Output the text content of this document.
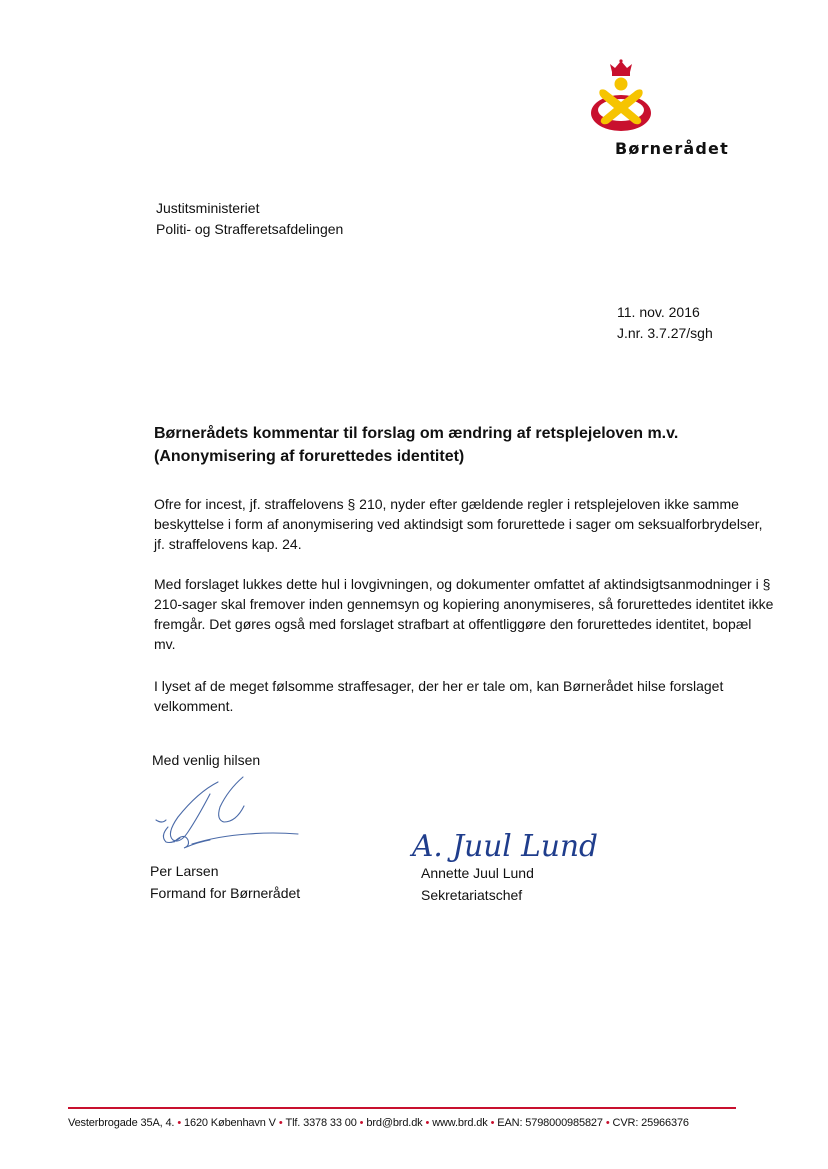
Børnerådet
Justitsministeriet
Politi- og Strafferetsafdelingen
11. nov. 2016
J.nr. 3.7.27/sgh
Børnerådets kommentar til forslag om ændring af retsplejeloven m.v.
(Anonymisering af forurettedes identitet)
Ofre for incest, jf. straffelovens § 210, nyder efter gældende regler i retsplejeloven ikke samme beskyttelse i form af anonymisering ved aktindsigt som forurettede i sager om seksualforbrydelser, jf. straffelovens kap. 24.
Med forslaget lukkes dette hul i lovgivningen, og dokumenter omfattet af aktindsigtsanmodninger i § 210-sager skal fremover inden gennemsyn og kopiering anonymiseres, så forurettedes identitet ikke fremgår. Det gøres også med forslaget strafbart at offentliggøre den forurettedes identitet, bopæl mv.
I lyset af de meget følsomme straffesager, der her er tale om, kan Børnerådet hilse forslaget velkomment.
Med venlig hilsen
A. Juul Lund
Per Larsen
Formand for Børnerådet
Annette Juul Lund
Sekretariatschef
Vesterbrogade 35A, 4. • 1620 København V • Tlf. 3378 33 00 • brd@brd.dk • www.brd.dk • EAN: 5798000985827 • CVR: 25966376
